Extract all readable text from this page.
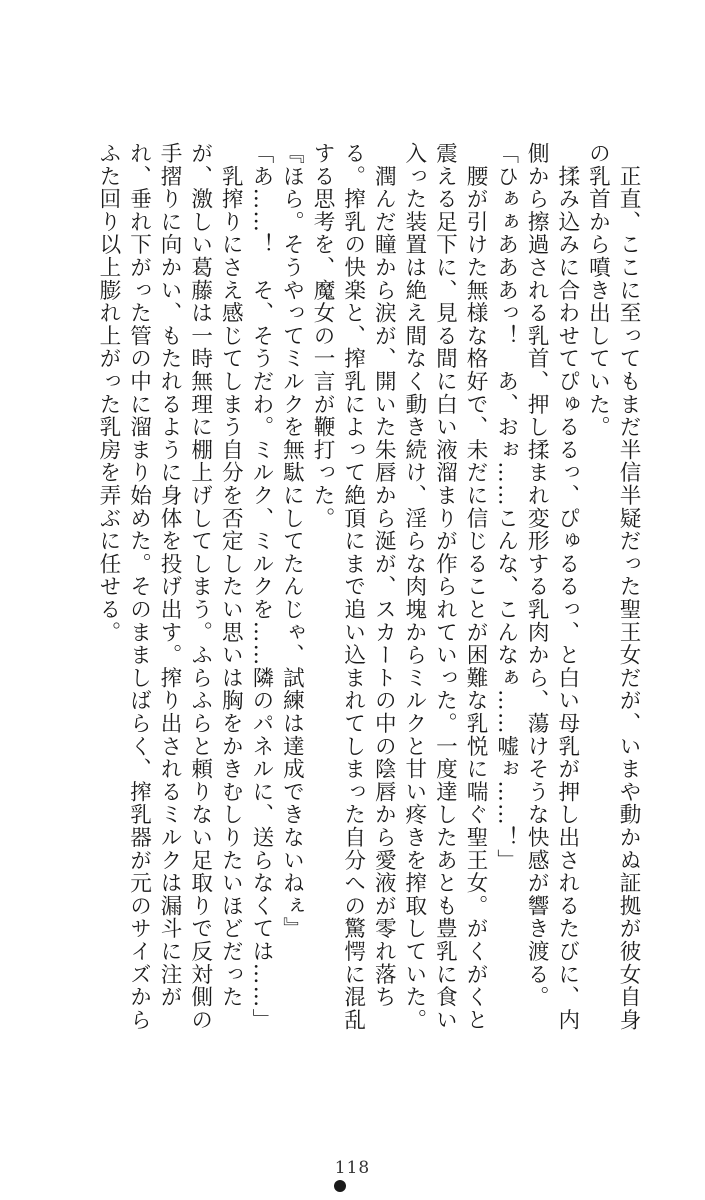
　正直、ここに至ってもまだ半信半疑だった聖王女だが、いまや動かぬ証拠が彼女自身の乳首から噴き出していた。

　揉み込みに合わせてぴゅるるっ、ぴゅるるっ、と白い母乳が押し出されるたびに、内側から擦過される乳首、押し揉まれ変形する乳肉から、蕩けそうな快感が響き渡る。

「ひぁぁあああっ！　あ、おぉ……こんな、こんなぁ……嘘ぉ……！」

　腰が引けた無様な格好で、未だに信じることが困難な乳悦に喘ぐ聖王女。がくがくと震える足下に、見る間に白い液溜まりが作られていった。一度達したあとも豊乳に食い入った装置は絶え間なく動き続け、淫らな肉塊からミルクと甘い疼きを搾取していた。

　潤んだ瞳から涙が、開いた朱唇から涎が、スカートの中の陰唇から愛液が零れ落ちる。搾乳の快楽と、搾乳によって絶頂にまで追い込まれてしまった自分への驚愕に混乱する思考を、魔女の一言が鞭打った。

『ほら。そうやってミルクを無駄にしてたんじゃ、試練は達成できないねぇ』

「あ……！　そ、そうだわ。ミルク、ミルクを……隣のパネルに、送らなくては……」

　乳搾りにさえ感じてしまう自分を否定したい思いは胸をかきむしりたいほどだったが、激しい葛藤は一時無理に棚上げしてしまう。ふらふらと頼りない足取りで反対側の手摺りに向かい、もたれるように身体を投げ出す。搾り出されるミルクは漏斗に注がれ、垂れ下がった管の中に溜まり始めた。そのまましばらく、搾乳器が元のサイズからふた回り以上膨れ上がった乳房を弄ぶに任せる。

118
